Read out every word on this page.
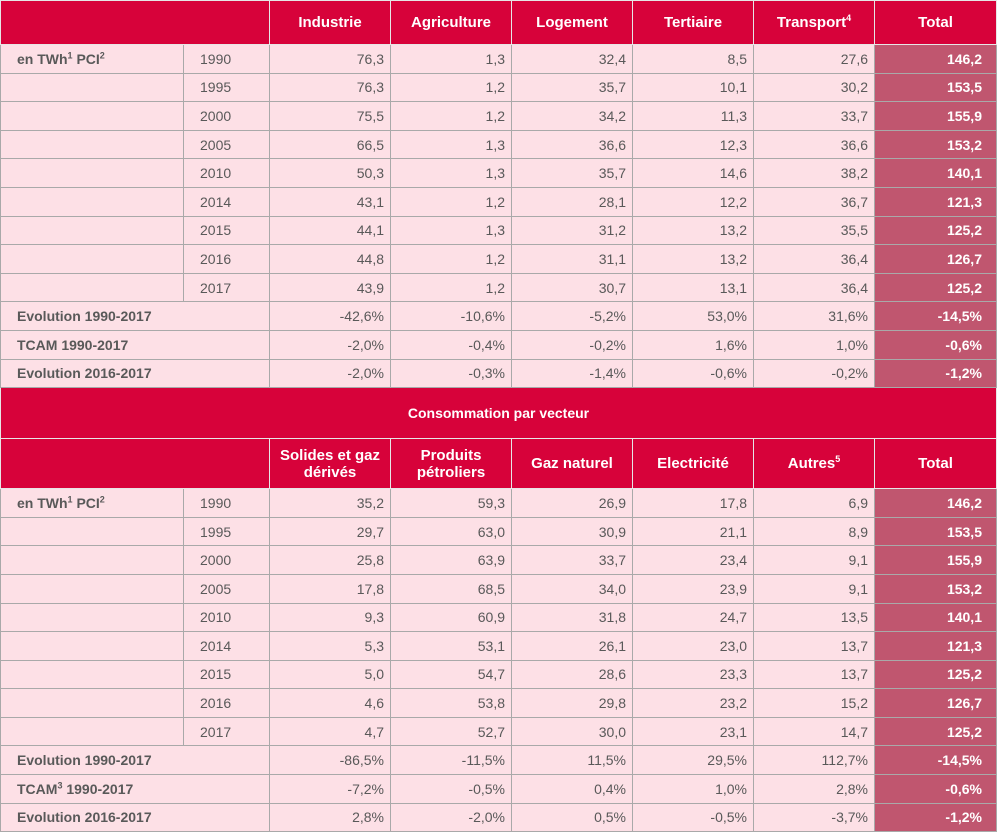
		Industrie	Agriculture	Logement	Tertiaire	Transport$^4$	Total
en TWh$^1$ PCI$^2$	1990	76,3	1,3	32,4	8,5	27,6	146,2
	1995	76,3	1,2	35,7	10,1	30,2	153,5
	2000	75,5	1,2	34,2	11,3	33,7	155,9
	2005	66,5	1,3	36,6	12,3	36,6	153,2
	2010	50,3	1,3	35,7	14,6	38,2	140,1
	2014	43,1	1,2	28,1	12,2	36,7	121,3
	2015	44,1	1,3	31,2	13,2	35,5	125,2
	2016	44,8	1,2	31,1	13,2	36,4	126,7
	2017	43,9	1,2	30,7	13,1	36,4	125,2
Evolution 1990-2017		-42,6%	-10,6%	-5,2%	53,0%	31,6%	-14,5%
TCAM 1990-2017		-2,0%	-0,4%	-0,2%	1,6%	1,0%	-0,6%
Evolution 2016-2017		-2,0%	-0,3%	-1,4%	-0,6%	-0,2%	-1,2%
Consommation par vecteur							
		Solides et gaz dérivés	Produits pétroliers	Gaz naturel	Electricité	Autres$^5$	Total
en TWh$^1$ PCI$^2$	1990	35,2	59,3	26,9	17,8	6,9	146,2
	1995	29,7	63,0	30,9	21,1	8,9	153,5
	2000	25,8	63,9	33,7	23,4	9,1	155,9
	2005	17,8	68,5	34,0	23,9	9,1	153,2
	2010	9,3	60,9	31,8	24,7	13,5	140,1
	2014	5,3	53,1	26,1	23,0	13,7	121,3
	2015	5,0	54,7	28,6	23,3	13,7	125,2
	2016	4,6	53,8	29,8	23,2	15,2	126,7
	2017	4,7	52,7	30,0	23,1	14,7	125,2
Evolution 1990-2017		-86,5%	-11,5%	11,5%	29,5%	112,7%	-14,5%
TCAM$^3$ 1990-2017		-7,2%	-0,5%	0,4%	1,0%	2,8%	-0,6%
Evolution 2016-2017		2,8%	-2,0%	0,5%	-0,5%	-3,7%	-1,2%
